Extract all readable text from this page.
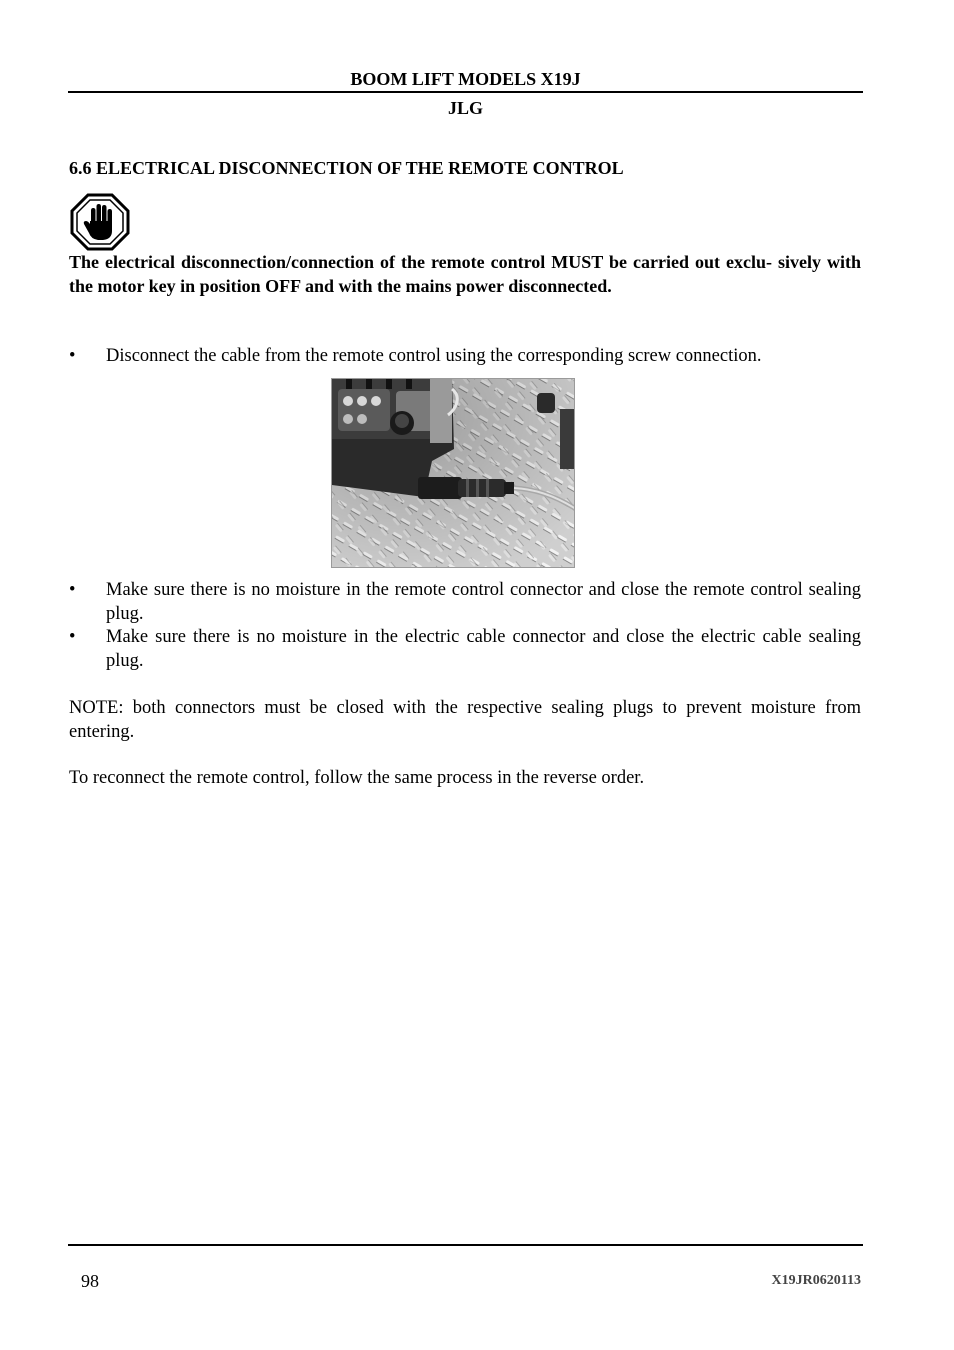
BOOM LIFT MODELS X19J
JLG
6.6 ELECTRICAL DISCONNECTION OF THE REMOTE CONTROL

The electrical disconnection/connection of the remote control MUST be carried out exclu- sively with the motor key in position OFF and with the mains power disconnected.

•	Disconnect the cable from the remote control using the corresponding screw connection.
•	Make sure there is no moisture in the remote control connector and close the remote control sealing plug.
•	Make sure there is no moisture in the electric cable connector and close the electric cable sealing plug.

NOTE: both connectors must be closed with the respective sealing plugs to prevent moisture from entering.

To reconnect the remote control, follow the same process in the reverse order.

98	X19JR0620113
